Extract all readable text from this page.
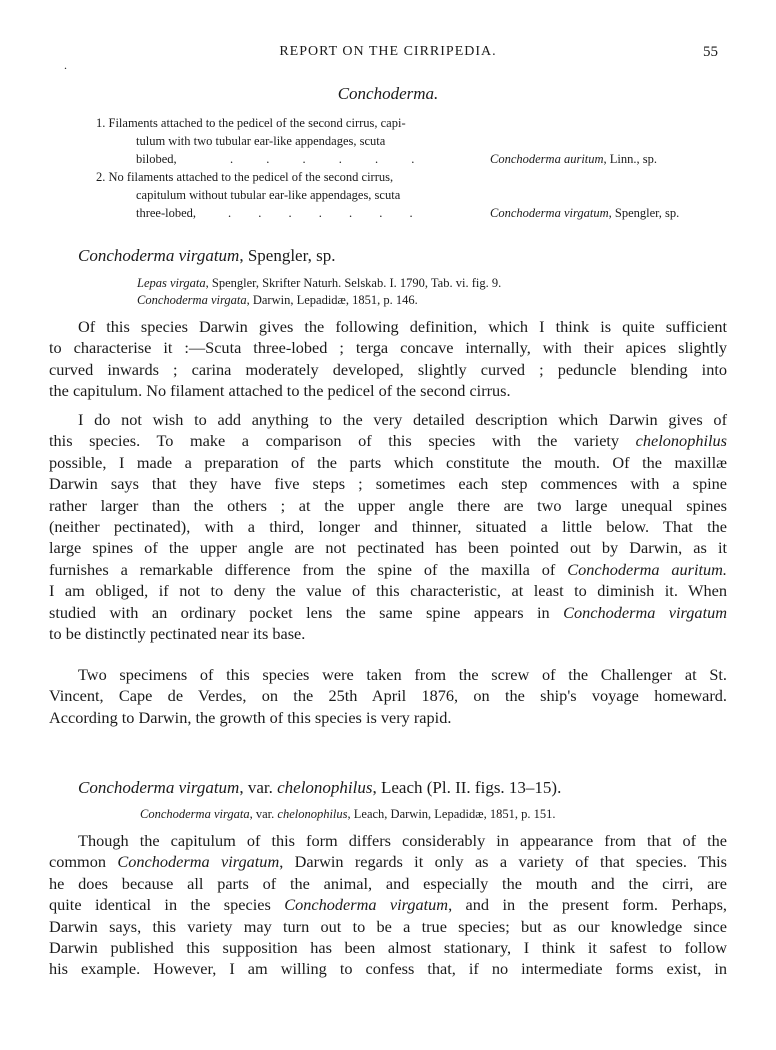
.
REPORT ON THE CIRRIPEDIA.	55
Conchoderma.
1. Filaments attached to the pedicel of the second cirrus, capi-
tulum with two tubular ear-like appendages, scuta
bilobed,	. . . . . .	Conchoderma auritum, Linn., sp.
2. No filaments attached to the pedicel of the second cirrus,
capitulum without tubular ear-like appendages, scuta
three-lobed,	. . . . . . .	Conchoderma virgatum, Spengler, sp.
Conchoderma virgatum, Spengler, sp.
Lepas virgata, Spengler, Skrifter Naturh. Selskab. I. 1790, Tab. vi. fig. 9.
Conchoderma virgata, Darwin, Lepadidæ, 1851, p. 146.
Of this species Darwin gives the following definition, which I think is quite sufficient
to characterise it :—Scuta three-lobed ; terga concave internally, with their apices slightly
curved inwards ; carina moderately developed, slightly curved ; peduncle blending into
the capitulum. No filament attached to the pedicel of the second cirrus.
I do not wish to add anything to the very detailed description which Darwin gives of
this species. To make a comparison of this species with the variety chelonophilus
possible, I made a preparation of the parts which constitute the mouth. Of the maxillæ
Darwin says that they have five steps ; sometimes each step commences with a spine
rather larger than the others ; at the upper angle there are two large unequal spines
(neither pectinated), with a third, longer and thinner, situated a little below. That the
large spines of the upper angle are not pectinated has been pointed out by Darwin, as it
furnishes a remarkable difference from the spine of the maxilla of Conchoderma auritum.
I am obliged, if not to deny the value of this characteristic, at least to diminish it. When
studied with an ordinary pocket lens the same spine appears in Conchoderma virgatum
to be distinctly pectinated near its base.
Two specimens of this species were taken from the screw of the Challenger at St.
Vincent, Cape de Verdes, on the 25th April 1876, on the ship's voyage homeward.
According to Darwin, the growth of this species is very rapid.
Conchoderma virgatum, var. chelonophilus, Leach (Pl. II. figs. 13–15).
Conchoderma virgata, var. chelonophilus, Leach, Darwin, Lepadidæ, 1851, p. 151.
Though the capitulum of this form differs considerably in appearance from that of the
common Conchoderma virgatum, Darwin regards it only as a variety of that species. This
he does because all parts of the animal, and especially the mouth and the cirri, are
quite identical in the species Conchoderma virgatum, and in the present form. Perhaps,
Darwin says, this variety may turn out to be a true species; but as our knowledge since
Darwin published this supposition has been almost stationary, I think it safest to follow
his example. However, I am willing to confess that, if no intermediate forms exist, in
